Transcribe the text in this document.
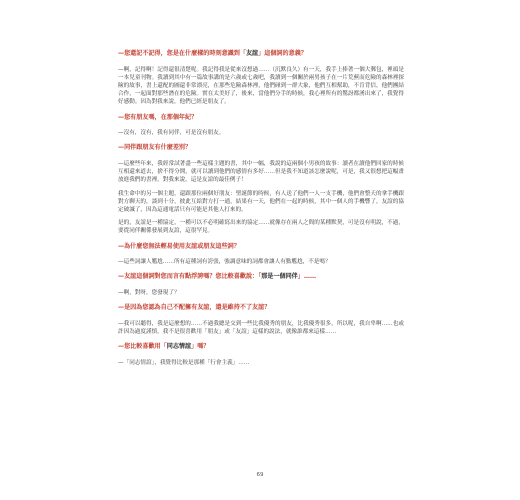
—您還記不記得，您是在什麼樣的時刻意識到「友誼」這個詞的意義？

—啊，記得啊！記得還很清楚呢。我記得我是從來沒想過……（沉默良久）有一天，我手上捧著一個大郵包，裡頭是一本兒童刊物。我讀到其中有一篇故事講的是六歲或七歲吧，我讀到一個關於兩男孩子在一片荒蕪而危險的森林裡探險的故事，書上還配的圖還非常漂亮，在那些危險森林裡，他們碰到一群大象，他們互相幫助，不肯背信，他們團結合作，一起面對那些潛在的危險。實在太美好了，後來，當他們分手的時候，我心裡所有的驚訝都湧出來了，我覺得好感動。因為對我來說，他們已經是朋友了。

—您有朋友嗎，在那個年紀？

—沒有，沒有，我有同伴，可是沒有朋友。

—同伴跟朋友有什麼差別？

—這麼些年來，我經常試著盡一些這樣主題的書，其中一幅，我說的這兩個小男孩的故事：讀者在讀他們回家的時候互相還來道去，捨不得分開，就可以讀到他們的感情有多好……但是我不知道該怎麼說呢，可是，我又很想把這幅畫放進我們的書裡，對我來說，這是友誼的最佳例子！

我生命中的另一個主題，還跟那位兩個好朋友：聖誕節的時候，有人送了他們一人一支手機，他們會整天的拿手機跟對方聊天的，談到十分，彼此互給對方打一通，結果有一天，他們在一起的時候，其中一個人的手機響了，友誼的協定破滅了，因為這通電話只有可能是其他人打來的。

是的，友誼是一種協定，一種可以不必明確寫出來的協定……就像存在兩人之間的某種默契，可是沒有明說，不過，要從同伴關係發展到友誼，這很罕見。

—為什麼您無法輕易使用友誼或朋友這些詞？

—這些詞讓人尷尬……所有這種詞有誇張，強調意味的詞都會讓人有點尷尬，不是嗎？

—友誼這個詞對您而言有點浮誇嗎？您比較喜歡說：「那是一個同伴」……

—啊，對呀，您發現了？

—是因為您認為自己不配擁有友誼，還是維持不了友誼？

—我可以聽得，我是這麼想的……不過我總是交到一些比我優秀的朋友，比我優秀很多，所以呢，我自卑啊……也或許因為過度謹慎，我不是很喜歡用「朋友」或「友誼」這樣的說法，就像誰都來這樣……

—您比較喜歡用「同志情誼」嗎？

—「同志情誼」，我覺得比較是那種「行會主義」……

69
